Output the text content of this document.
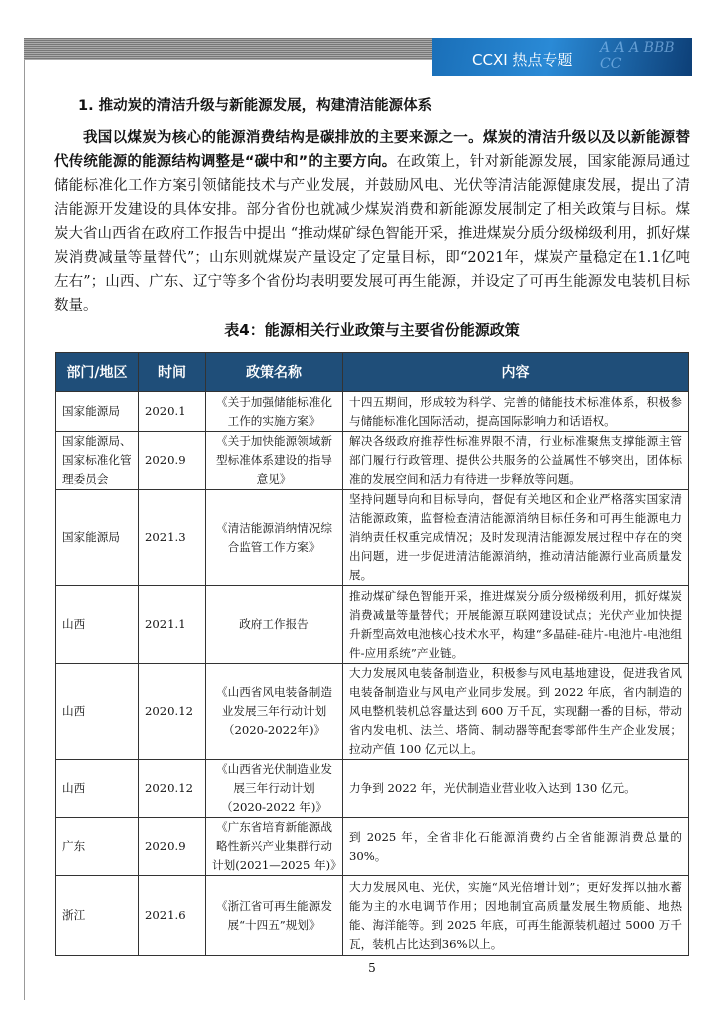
CCXI 热点专题
A A A BBB CC
1. 推动炭的清洁升级与新能源发展，构建清洁能源体系

我国以煤炭为核心的能源消费结构是碳排放的主要来源之一。煤炭的清洁升级以及以新能源替代传统能源的能源结构调整是“碳中和”的主要方向。在政策上，针对新能源发展，国家能源局通过储能标准化工作方案引领储能技术与产业发展，并鼓励风电、光伏等清洁能源健康发展，提出了清洁能源开发建设的具体安排。部分省份也就减少煤炭消费和新能源发展制定了相关政策与目标。煤炭大省山西省在政府工作报告中提出 “推动煤矿绿色智能开采，推进煤炭分质分级梯级利用，抓好煤炭消费减量等量替代”；山东则就煤炭产量设定了定量目标，即“2021年，煤炭产量稳定在1.1亿吨左右”；山西、广东、辽宁等多个省份均表明要发展可再生能源，并设定了可再生能源发电装机目标数量。

表4：能源相关行业政策与主要省份能源政策
部门/地区	时间	政策名称	内容
国家能源局	2020.1	《关于加强储能标准化工作的实施方案》	十四五期间，形成较为科学、完善的储能技术标准体系，积极参与储能标准化国际活动，提高国际影响力和话语权。
国家能源局、国家标准化管理委员会	2020.9	《关于加快能源领域新型标准体系建设的指导意见》	解决各级政府推荐性标准界限不清，行业标准聚焦支撑能源主管部门履行行政管理、提供公共服务的公益属性不够突出，团体标准的发展空间和活力有待进一步释放等问题。
国家能源局	2021.3	《清洁能源消纳情况综合监管工作方案》	坚持问题导向和目标导向，督促有关地区和企业严格落实国家清洁能源政策，监督检查清洁能源消纳目标任务和可再生能源电力消纳责任权重完成情况；及时发现清洁能源发展过程中存在的突出问题，进一步促进清洁能源消纳，推动清洁能源行业高质量发展。
山西	2021.1	政府工作报告	推动煤矿绿色智能开采，推进煤炭分质分级梯级利用，抓好煤炭消费减量等量替代；开展能源互联网建设试点；光伏产业加快提升新型高效电池核心技术水平，构建“多晶硅-硅片-电池片-电池组件-应用系统”产业链。
山西	2020.12	《山西省风电装备制造业发展三年行动计划（2020-2022年)》	大力发展风电装备制造业，积极参与风电基地建设，促进我省风电装备制造业与风电产业同步发展。到 2022 年底，省内制造的风电整机装机总容量达到 600 万千瓦，实现翻一番的目标，带动省内发电机、法兰、塔筒、制动器等配套零部件生产企业发展；拉动产值 100 亿元以上。
山西	2020.12	《山西省光伏制造业发展三年行动计划（2020-2022 年)》	力争到 2022 年，光伏制造业营业收入达到 130 亿元。
广东	2020.9	《广东省培育新能源战略性新兴产业集群行动计划(2021—2025 年)》	到 2025 年，全省非化石能源消费约占全省能源消费总量的 30%。
浙江	2021.6	《浙江省可再生能源发展“十四五”规划》	大力发展风电、光伏，实施“风光倍增计划”；更好发挥以抽水蓄能为主的水电调节作用；因地制宜高质量发展生物质能、地热能、海洋能等。到 2025 年底，可再生能源装机超过 5000 万千瓦，装机占比达到36%以上。
5
